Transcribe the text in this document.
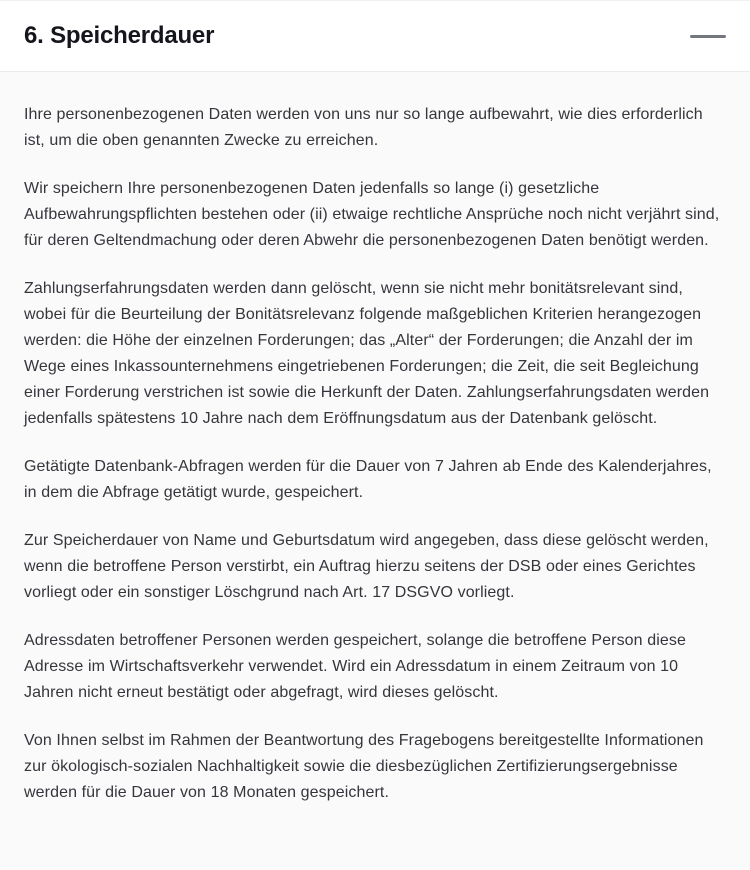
6. Speicherdauer

Ihre personenbezogenen Daten werden von uns nur so lange aufbewahrt, wie dies erforderlich ist, um die oben genannten Zwecke zu erreichen.

Wir speichern Ihre personenbezogenen Daten jedenfalls so lange (i) gesetzliche Aufbewahrungspflichten bestehen oder (ii) etwaige rechtliche Ansprüche noch nicht verjährt sind, für deren Geltendmachung oder deren Abwehr die personenbezogenen Daten benötigt werden.

Zahlungserfahrungsdaten werden dann gelöscht, wenn sie nicht mehr bonitätsrelevant sind, wobei für die Beurteilung der Bonitätsrelevanz folgende maßgeblichen Kriterien herangezogen werden: die Höhe der einzelnen Forderungen; das „Alter“ der Forderungen; die Anzahl der im Wege eines Inkassounternehmens eingetriebenen Forderungen; die Zeit, die seit Begleichung einer Forderung verstrichen ist sowie die Herkunft der Daten. Zahlungserfahrungsdaten werden jedenfalls spätestens 10 Jahre nach dem Eröffnungsdatum aus der Datenbank gelöscht.

Getätigte Datenbank-Abfragen werden für die Dauer von 7 Jahren ab Ende des Kalenderjahres, in dem die Abfrage getätigt wurde, gespeichert.

Zur Speicherdauer von Name und Geburtsdatum wird angegeben, dass diese gelöscht werden, wenn die betroffene Person verstirbt, ein Auftrag hierzu seitens der DSB oder eines Gerichtes vorliegt oder ein sonstiger Löschgrund nach Art. 17 DSGVO vorliegt.

Adressdaten betroffener Personen werden gespeichert, solange die betroffene Person diese Adresse im Wirtschaftsverkehr verwendet. Wird ein Adressdatum in einem Zeitraum von 10 Jahren nicht erneut bestätigt oder abgefragt, wird dieses gelöscht.

Von Ihnen selbst im Rahmen der Beantwortung des Fragebogens bereitgestellte Informationen zur ökologisch-sozialen Nachhaltigkeit sowie die diesbezüglichen Zertifizierungsergebnisse werden für die Dauer von 18 Monaten gespeichert.
